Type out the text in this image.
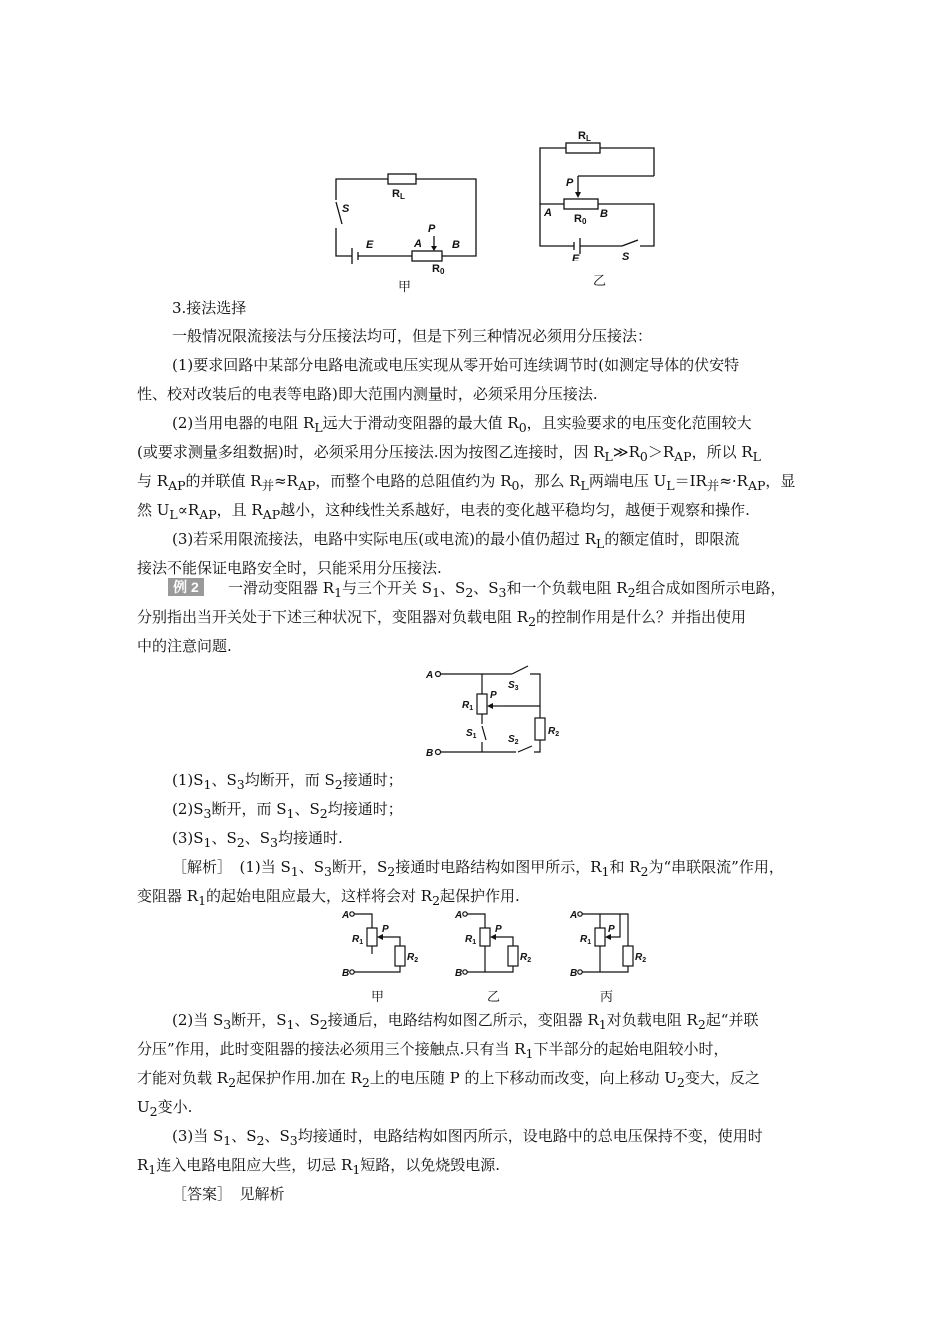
RL
S
E
P
A	B
R0
甲
RL
P
A	B
R0
E	S
乙
3.接法选择
一般情况限流接法与分压接法均可，但是下列三种情况必须用分压接法：
(1)要求回路中某部分电路电流或电压实现从零开始可连续调节时(如测定导体的伏安特
性、校对改装后的电表等电路)即大范围内测量时，必须采用分压接法.
(2)当用电器的电阻 $R_L$远大于滑动变阻器的最大值 $R_0$，且实验要求的电压变化范围较大
(或要求测量多组数据)时，必须采用分压接法.因为按图乙连接时，因 $R_L≫R_0>R_{AP}$，所以 $R_L$
与 $R_{AP}$的并联值 $R_并\approx R_{AP}$，而整个电路的总阻值约为 $R_0$，那么 $R_L$两端电压 $U_L=IR_并\approx\cdot R_{AP}$，显
然 $U_L\propto R_{AP}$，且 $R_{AP}$越小，这种线性关系越好，电表的变化越平稳均匀，越便于观察和操作.
(3)若采用限流接法，电路中实际电压(或电流)的最小值仍超过 $R_L$的额定值时，即限流
接法不能保证电路安全时，只能采用分压接法.
例 2	一滑动变阻器 $R_1$与三个开关 $S_1$、$S_2$、$S_3$和一个负载电阻 $R_2$组合成如图所示电路，
分别指出当开关处于下述三种状况下，变阻器对负载电阻 $R_2$的控制作用是什么？并指出使用
中的注意问题.
A
B
P
$R_1$
$S_3$
$S_1$	$S_2$
$R_2$
$(1)S_1$、$S_3$均断开，而 $S_2$接通时；
$(2)S_3$断开，而 $S_1$、$S_2$均接通时；
$(3)S_1$、$S_2$、$S_3$均接通时.
［解析］　(1)当 $S_1$、$S_3$断开，$S_2$接通时电路结构如图甲所示，$R_1$和 $R_2$为“串联限流”作用，
变阻器 $R_1$的起始电阻应最大，这样将会对 $R_2$起保护作用.
A
B
P
$R_1$
$R_2$
甲
A
B
P
$R_1$
$R_2$
乙
A
B
P
$R_1$
$R_2$
丙
(2)当 $S_3$断开，$S_1$、$S_2$接通后，电路结构如图乙所示，变阻器 $R_1$对负载电阻 $R_2$起“并联
分压”作用，此时变阻器的接法必须用三个接触点.只有当 $R_1$下半部分的起始电阻较小时，
才能对负载 $R_2$起保护作用.加在 $R_2$上的电压随 P 的上下移动而改变，向上移动 $U_2$变大，反之
$U_2$变小.
(3)当 $S_1$、$S_2$、$S_3$均接通时，电路结构如图丙所示，设电路中的总电压保持不变，使用时
$R_1$连入电路电阻应大些，切忌 $R_1$短路，以免烧毁电源.
［答案］　见解析
